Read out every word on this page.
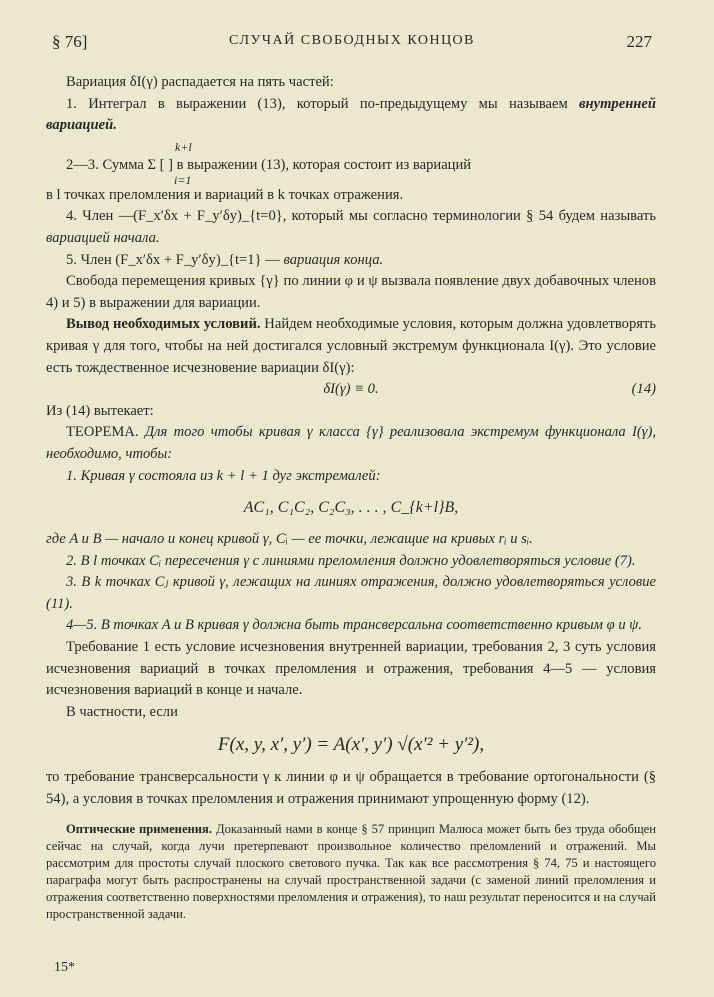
§ 76]	СЛУЧАЙ СВОБОДНЫХ КОНЦОВ	227

Вариация δI(γ) распадается на пять частей:

1. Интеграл в выражении (13), который по-предыдущему мы называем внутренней вариацией.

k+l
2—3. Сумма Σ [ ] в выражении (13), которая состоит из вариаций
i=1

в l точках преломления и вариаций в k точках отражения.

4. Член —(F_x′δx + F_y′δy)_{t=0}, который мы согласно терминологии § 54 будем называть вариацией начала.

5. Член (F_x′δx + F_y′δy)_{t=1} — вариация конца.

Свобода перемещения кривых {γ} по линии φ и ψ вызвала появление двух добавочных членов 4) и 5) в выражении для вариации.

Вывод необходимых условий. Найдем необходимые условия, которым должна удовлетворять кривая γ для того, чтобы на ней достигался условный экстремум функционала I(γ). Это условие есть тождественное исчезновение вариации δI(γ):

δI(γ) ≡ 0.	(14)

Из (14) вытекает:

ТЕОРЕМА. Для того чтобы кривая γ класса {γ} реализовала экстремум функционала I(γ), необходимо, чтобы:

1. Кривая γ состояла из k + l + 1 дуг экстремалей:

AC₁, C₁C₂, C₂C₃, . . . , C_{k+l}B,

где A и B — начало и конец кривой γ, Cᵢ — ее точки, лежащие на кривых rᵢ и sᵢ.

2. В l точках Cᵢ пересечения γ с линиями преломления должно удовлетворяться условие (7).

3. В k точках Cⱼ кривой γ, лежащих на линиях отражения, должно удовлетворяться условие (11).

4—5. В точках A и B кривая γ должна быть трансверсальна соответственно кривым φ и ψ.

Требование 1 есть условие исчезновения внутренней вариации, требования 2, 3 суть условия исчезновения вариаций в точках преломления и отражения, требования 4—5 — условия исчезновения вариаций в конце и начале.

В частности, если

F(x, y, x′, y′) = A(x′, y′) √(x′² + y′²),

то требование трансверсальности γ к линии φ и ψ обращается в требование ортогональности (§ 54), а условия в точках преломления и отражения принимают упрощенную форму (12).

Оптические применения. Доказанный нами в конце § 57 принцип Малюса может быть без труда обобщен сейчас на случай, когда лучи претерпевают произвольное количество преломлений и отражений. Мы рассмотрим для простоты случай плоского светового пучка. Так как все рассмотрения § 74, 75 и настоящего параграфа могут быть распространены на случай пространственной задачи (с заменой линий преломления и отражения соответственно поверхностями преломления и отражения), то наш результат переносится и на случай пространственной задачи.

15*
